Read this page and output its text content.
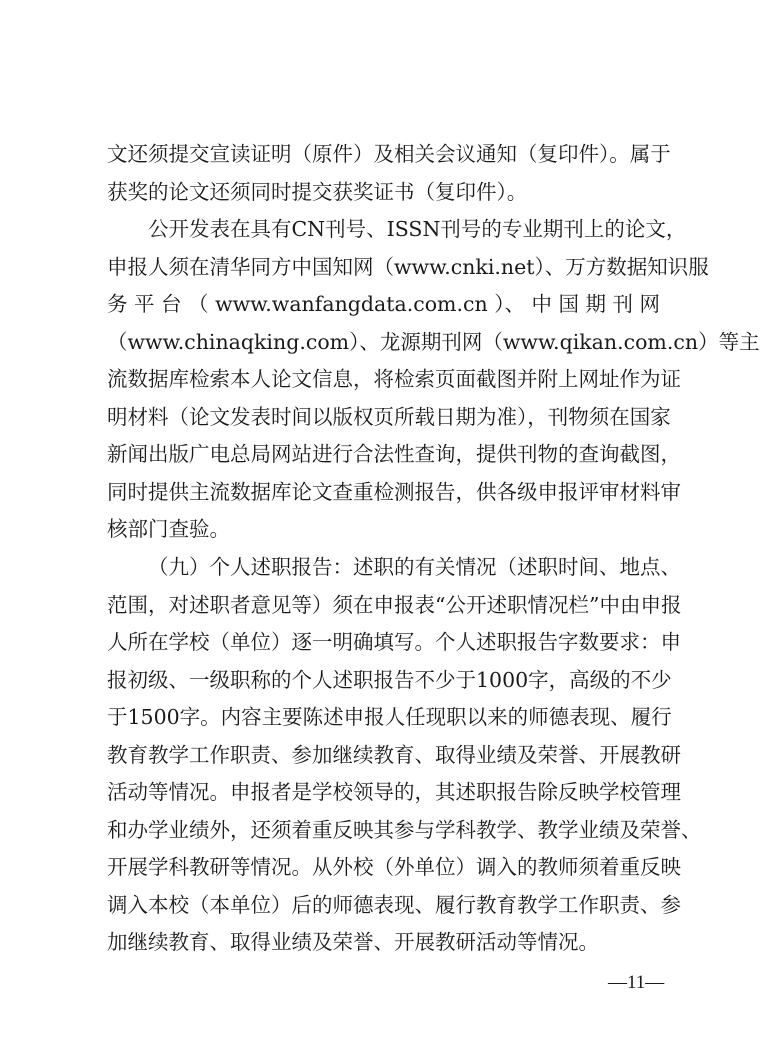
文还须提交宣读证明（原件）及相关会议通知（复印件）。属于
获奖的论文还须同时提交获奖证书（复印件）。
公开发表在具有CN刊号、ISSN刊号的专业期刊上的论文，
申报人须在清华同方中国知网（www.cnki.net）、万方数据知识服
务 平 台 （ www.wanfangdata.com.cn ）、 中 国 期 刊 网
（www.chinaqking.com）、龙源期刊网（www.qikan.com.cn）等主
流数据库检索本人论文信息，将检索页面截图并附上网址作为证
明材料（论文发表时间以版权页所载日期为准），刊物须在国家
新闻出版广电总局网站进行合法性查询，提供刊物的查询截图，
同时提供主流数据库论文查重检测报告，供各级申报评审材料审
核部门查验。
（九）个人述职报告：述职的有关情况（述职时间、地点、
范围，对述职者意见等）须在申报表“公开述职情况栏”中由申报
人所在学校（单位）逐一明确填写。个人述职报告字数要求：申
报初级、一级职称的个人述职报告不少于1000字，高级的不少
于1500字。内容主要陈述申报人任现职以来的师德表现、履行
教育教学工作职责、参加继续教育、取得业绩及荣誉、开展教研
活动等情况。申报者是学校领导的，其述职报告除反映学校管理
和办学业绩外，还须着重反映其参与学科教学、教学业绩及荣誉、
开展学科教研等情况。从外校（外单位）调入的教师须着重反映
调入本校（本单位）后的师德表现、履行教育教学工作职责、参
加继续教育、取得业绩及荣誉、开展教研活动等情况。
—11—
